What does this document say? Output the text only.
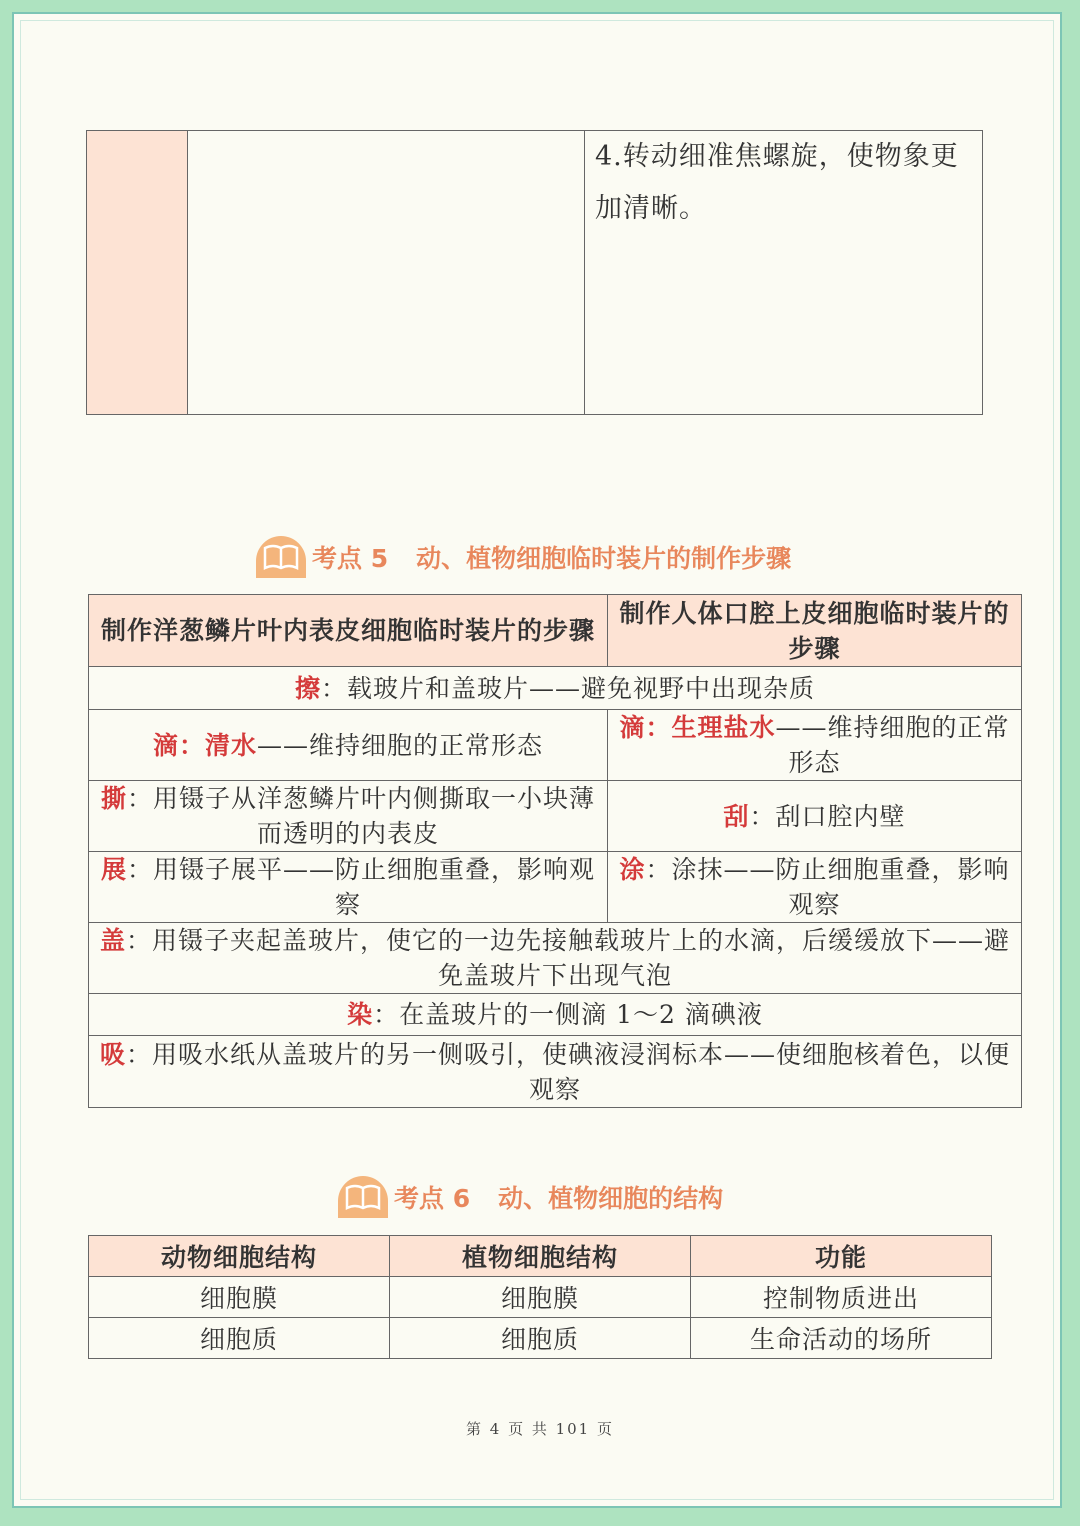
		4.转动细准焦螺旋，使物象更加清晰。
考点 5 动、植物细胞临时装片的制作步骤
制作洋葱鳞片叶内表皮细胞临时装片的步骤	制作人体口腔上皮细胞临时装片的步骤
擦：载玻片和盖玻片——避免视野中出现杂质	
滴：清水——维持细胞的正常形态	滴：生理盐水——维持细胞的正常形态
撕：用镊子从洋葱鳞片叶内侧撕取一小块薄而透明的内表皮	刮：刮口腔内壁
展：用镊子展平——防止细胞重叠，影响观察	涂：涂抹——防止细胞重叠，影响观察
盖：用镊子夹起盖玻片，使它的一边先接触载玻片上的水滴，后缓缓放下——避免盖玻片下出现气泡	
染：在盖玻片的一侧滴 1～2 滴碘液	
吸：用吸水纸从盖玻片的另一侧吸引，使碘液浸润标本——使细胞核着色，以便观察	
考点 6 动、植物细胞的结构
动物细胞结构	植物细胞结构	功能
细胞膜	细胞膜	控制物质进出
细胞质	细胞质	生命活动的场所
第 4 页 共 101 页
